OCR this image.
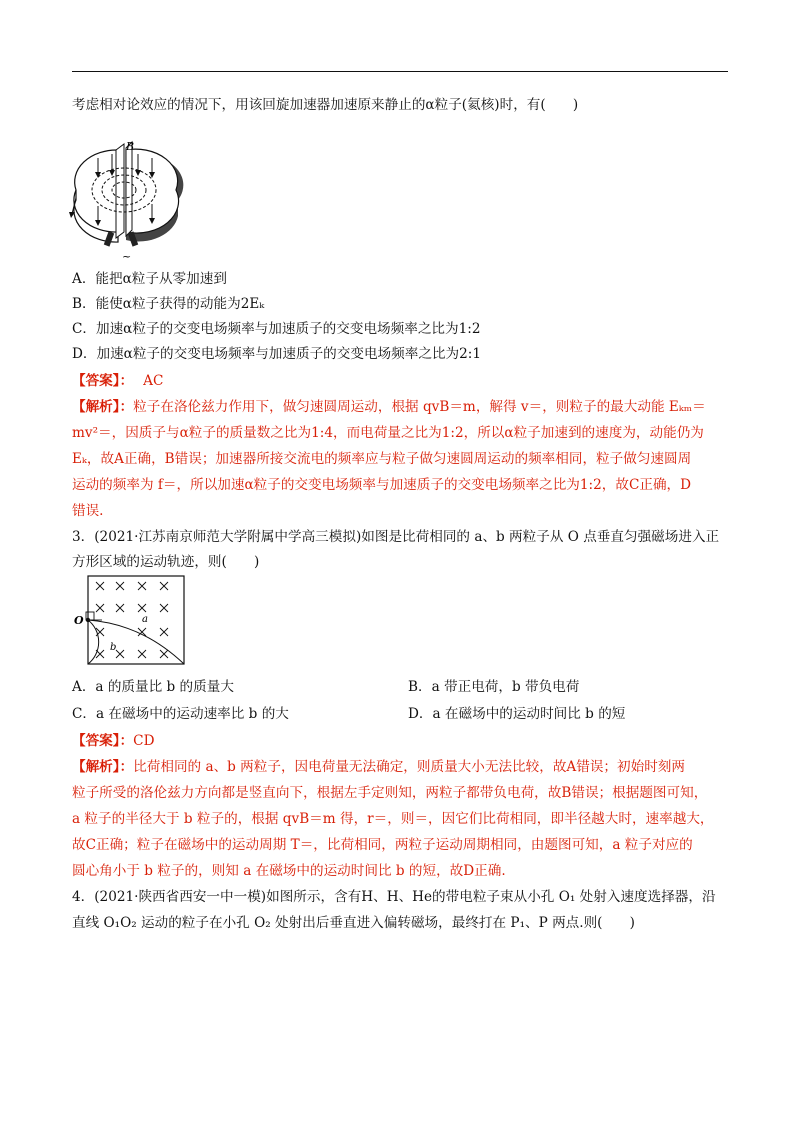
考虑相对论效应的情况下，用该回旋加速器加速原来静止的α粒子(氦核)时，有(　　)
B
~
A．能把α粒子从零加速到
B．能使α粒子获得的动能为2Eₖ
C．加速α粒子的交变电场频率与加速质子的交变电场频率之比为1:2
D．加速α粒子的交变电场频率与加速质子的交变电场频率之比为2:1
【答案】： AC
【解析】：粒子在洛伦兹力作用下，做匀速圆周运动，根据 qvB＝m，解得 v＝，则粒子的最大动能 Eₖₘ＝
mv²＝，因质子与α粒子的质量数之比为1:4，而电荷量之比为1:2，所以α粒子加速到的速度为，动能仍为
Eₖ，故A正确，B错误；加速器所接交流电的频率应与粒子做匀速圆周运动的频率相同，粒子做匀速圆周
运动的频率为 f＝，所以加速α粒子的交变电场频率与加速质子的交变电场频率之比为1:2，故C正确，D
错误.
3．(2021·江苏南京师范大学附属中学高三模拟)如图是比荷相同的 a、b 两粒子从 O 点垂直匀强磁场进入正
方形区域的运动轨迹，则(　　)
O	a
b
A．a 的质量比 b 的质量大	B．a 带正电荷，b 带负电荷
C．a 在磁场中的运动速率比 b 的大	D．a 在磁场中的运动时间比 b 的短
【答案】：CD
【解析】：比荷相同的 a、b 两粒子，因电荷量无法确定，则质量大小无法比较，故A错误；初始时刻两
粒子所受的洛伦兹力方向都是竖直向下，根据左手定则知，两粒子都带负电荷，故B错误；根据题图可知，
a 粒子的半径大于 b 粒子的，根据 qvB＝m 得，r＝，则＝，因它们比荷相同，即半径越大时，速率越大，
故C正确；粒子在磁场中的运动周期 T＝，比荷相同，两粒子运动周期相同，由题图可知，a 粒子对应的
圆心角小于 b 粒子的，则知 a 在磁场中的运动时间比 b 的短，故D正确.
4．(2021·陕西省西安一中一模)如图所示，含有H、H、He的带电粒子束从小孔 O₁ 处射入速度选择器，沿
直线 O₁O₂ 运动的粒子在小孔 O₂ 处射出后垂直进入偏转磁场，最终打在 P₁、P 两点.则(　　)
